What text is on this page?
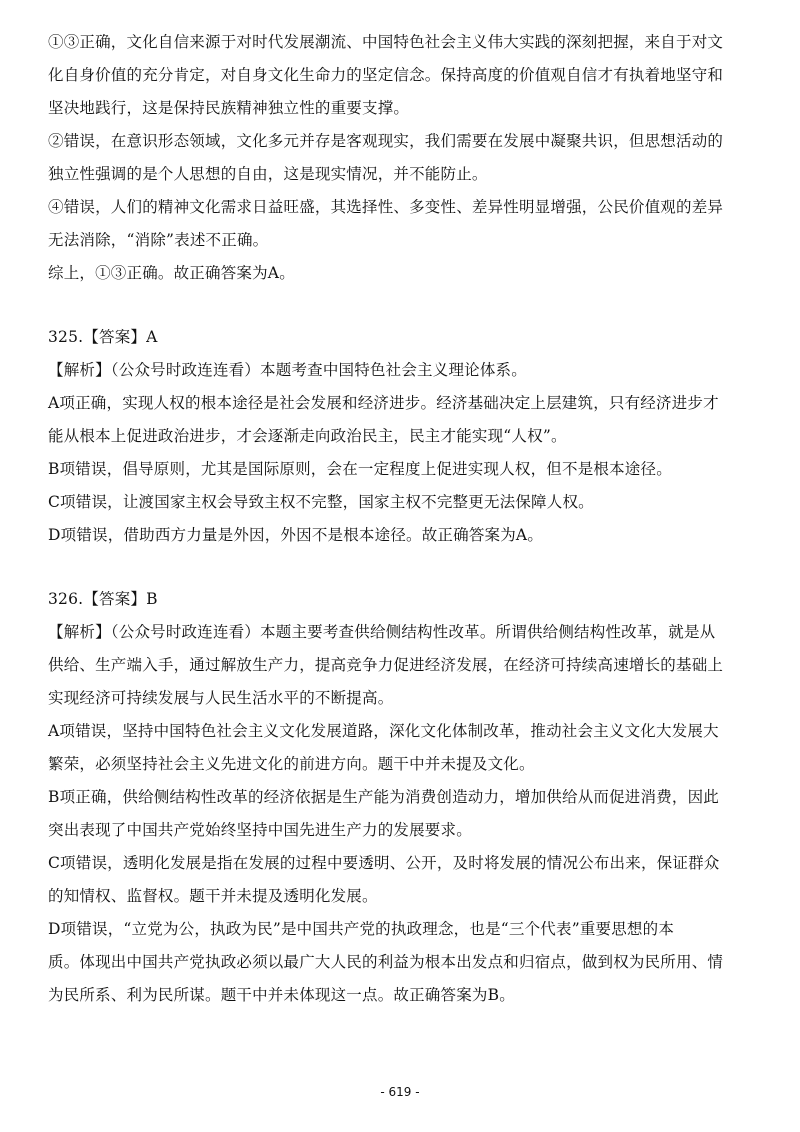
①③正确，文化自信来源于对时代发展潮流、中国特色社会主义伟大实践的深刻把握，来自于对文
化自身价值的充分肯定，对自身文化生命力的坚定信念。保持高度的价值观自信才有执着地坚守和
坚决地践行，这是保持民族精神独立性的重要支撑。
②错误，在意识形态领域，文化多元并存是客观现实，我们需要在发展中凝聚共识，但思想活动的
独立性强调的是个人思想的自由，这是现实情况，并不能防止。
④错误，人们的精神文化需求日益旺盛，其选择性、多变性、差异性明显增强，公民价值观的差异
无法消除，“消除”表述不正确。
综上，①③正确。故正确答案为A。
325.【答案】A
【解析】（公众号时政连连看）本题考查中国特色社会主义理论体系。
A项正确，实现人权的根本途径是社会发展和经济进步。经济基础决定上层建筑，只有经济进步才
能从根本上促进政治进步，才会逐渐走向政治民主，民主才能实现“人权”。
B项错误，倡导原则，尤其是国际原则，会在一定程度上促进实现人权，但不是根本途径。
C项错误，让渡国家主权会导致主权不完整，国家主权不完整更无法保障人权。
D项错误，借助西方力量是外因，外因不是根本途径。故正确答案为A。
326.【答案】B
【解析】（公众号时政连连看）本题主要考查供给侧结构性改革。所谓供给侧结构性改革，就是从
供给、生产端入手，通过解放生产力，提高竞争力促进经济发展，在经济可持续高速增长的基础上
实现经济可持续发展与人民生活水平的不断提高。
A项错误，坚持中国特色社会主义文化发展道路，深化文化体制改革，推动社会主义文化大发展大
繁荣，必须坚持社会主义先进文化的前进方向。题干中并未提及文化。
B项正确，供给侧结构性改革的经济依据是生产能为消费创造动力，增加供给从而促进消费，因此
突出表现了中国共产党始终坚持中国先进生产力的发展要求。
C项错误，透明化发展是指在发展的过程中要透明、公开，及时将发展的情况公布出来，保证群众
的知情权、监督权。题干并未提及透明化发展。
D项错误，“立党为公，执政为民”是中国共产党的执政理念，也是“三个代表”重要思想的本
质。体现出中国共产党执政必须以最广大人民的利益为根本出发点和归宿点，做到权为民所用、情
为民所系、利为民所谋。题干中并未体现这一点。故正确答案为B。
- 619 -
